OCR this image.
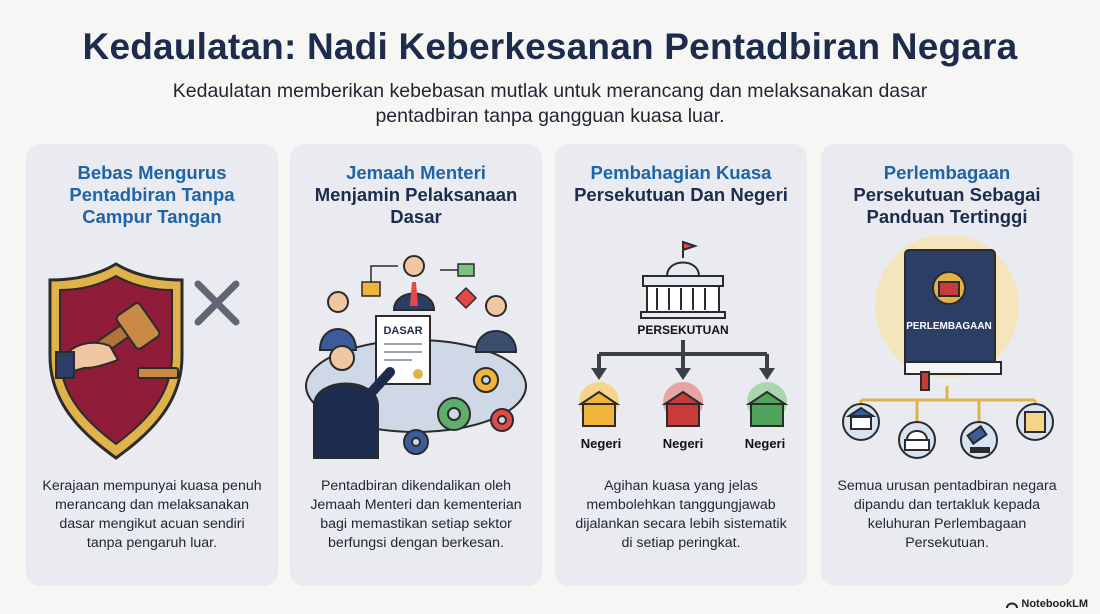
Kedaulatan: Nadi Keberkesanan Pentadbiran Negara
Kedaulatan memberikan kebebasan mutlak untuk merancang dan melaksanakan dasar pentadbiran tanpa gangguan kuasa luar.
Bebas Mengurus Pentadbiran Tanpa Campur Tangan
Kerajaan mempunyai kuasa penuh merancang dan melaksanakan dasar mengikut acuan sendiri tanpa pengaruh luar.
Jemaah Menteri
Menjamin Pelaksanaan Dasar
DASAR
Pentadbiran dikendalikan oleh Jemaah Menteri dan kementerian bagi memastikan setiap sektor berfungsi dengan berkesan.
Pembahagian Kuasa
Persekutuan Dan Negeri
PERSEKUTUAN
Negeri	Negeri	Negeri
Agihan kuasa yang jelas membolehkan tanggungjawab dijalankan secara lebih sistematik di setiap peringkat.
Perlembagaan
Persekutuan Sebagai Panduan Tertinggi
PERLEMBAGAAN
Semua urusan pentadbiran negara dipandu dan tertakluk kepada keluhuran Perlembagaan Persekutuan.
NotebookLM
